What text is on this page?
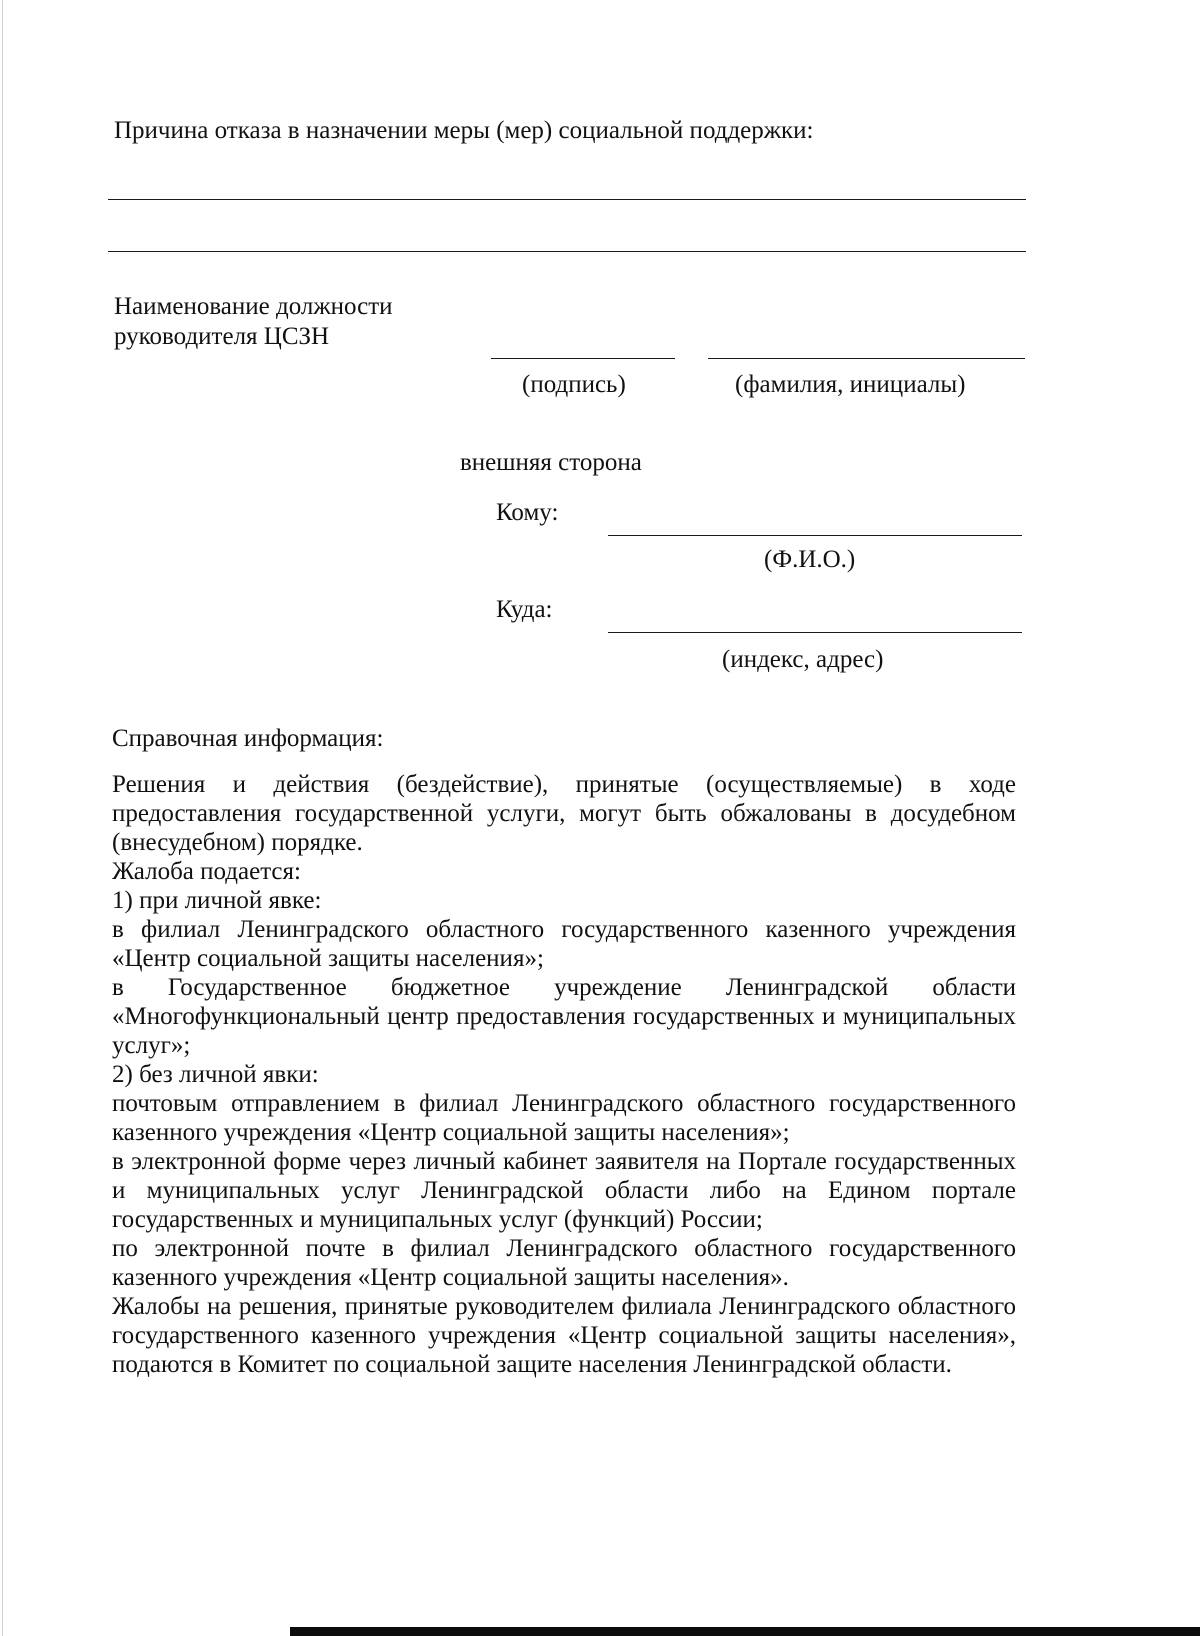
Причина отказа в назначении меры (мер) социальной поддержки:
Наименование должности
руководителя ЦСЗН
(подпись)	(фамилия, инициалы)
внешняя сторона
Кому:
(Ф.И.О.)
Куда:
(индекс, адрес)
Справочная информация:

Решения и действия (бездействие), принятые (осуществляемые) в ходе предоставления государственной услуги, могут быть обжалованы в досудебном (внесудебном) порядке.

Жалоба подается:

1) при личной явке:

в филиал Ленинградского областного государственного казенного учреждения «Центр социальной защиты населения»;

в Государственное бюджетное учреждение Ленинградской области «Многофункциональный центр предоставления государственных и муниципальных услуг»;

2) без личной явки:

почтовым отправлением в филиал Ленинградского областного государственного казенного учреждения «Центр социальной защиты населения»;

в электронной форме через личный кабинет заявителя на Портале государственных и муниципальных услуг Ленинградской области либо на Едином портале государственных и муниципальных услуг (функций) России;

по электронной почте в филиал Ленинградского областного государственного казенного учреждения «Центр социальной защиты населения».

Жалобы на решения, принятые руководителем филиала Ленинградского областного государственного казенного учреждения «Центр социальной защиты населения», подаются в Комитет по социальной защите населения Ленинградской области.
